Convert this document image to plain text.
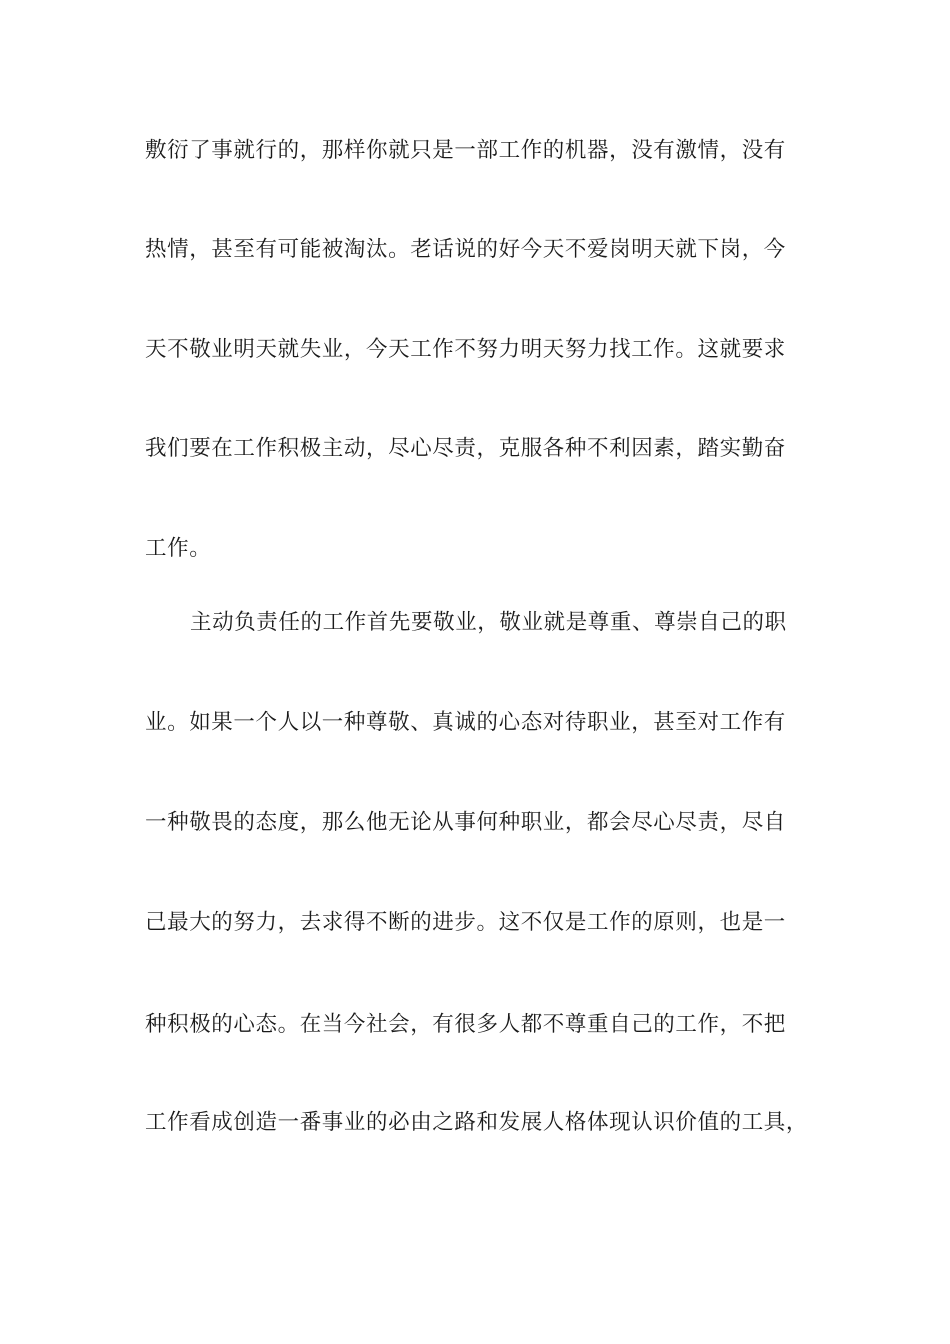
敷衍了事就行的，那样你就只是一部工作的机器，没有激情，没有
热情，甚至有可能被淘汰。老话说的好今天不爱岗明天就下岗，今
天不敬业明天就失业，今天工作不努力明天努力找工作。这就要求
我们要在工作积极主动，尽心尽责，克服各种不利因素，踏实勤奋
工作。
主动负责任的工作首先要敬业，敬业就是尊重、尊崇自己的职
业。如果一个人以一种尊敬、真诚的心态对待职业，甚至对工作有
一种敬畏的态度，那么他无论从事何种职业，都会尽心尽责，尽自
己最大的努力，去求得不断的进步。这不仅是工作的原则，也是一
种积极的心态。在当今社会，有很多人都不尊重自己的工作，不把
工作看成创造一番事业的必由之路和发展人格体现认识价值的工具，
